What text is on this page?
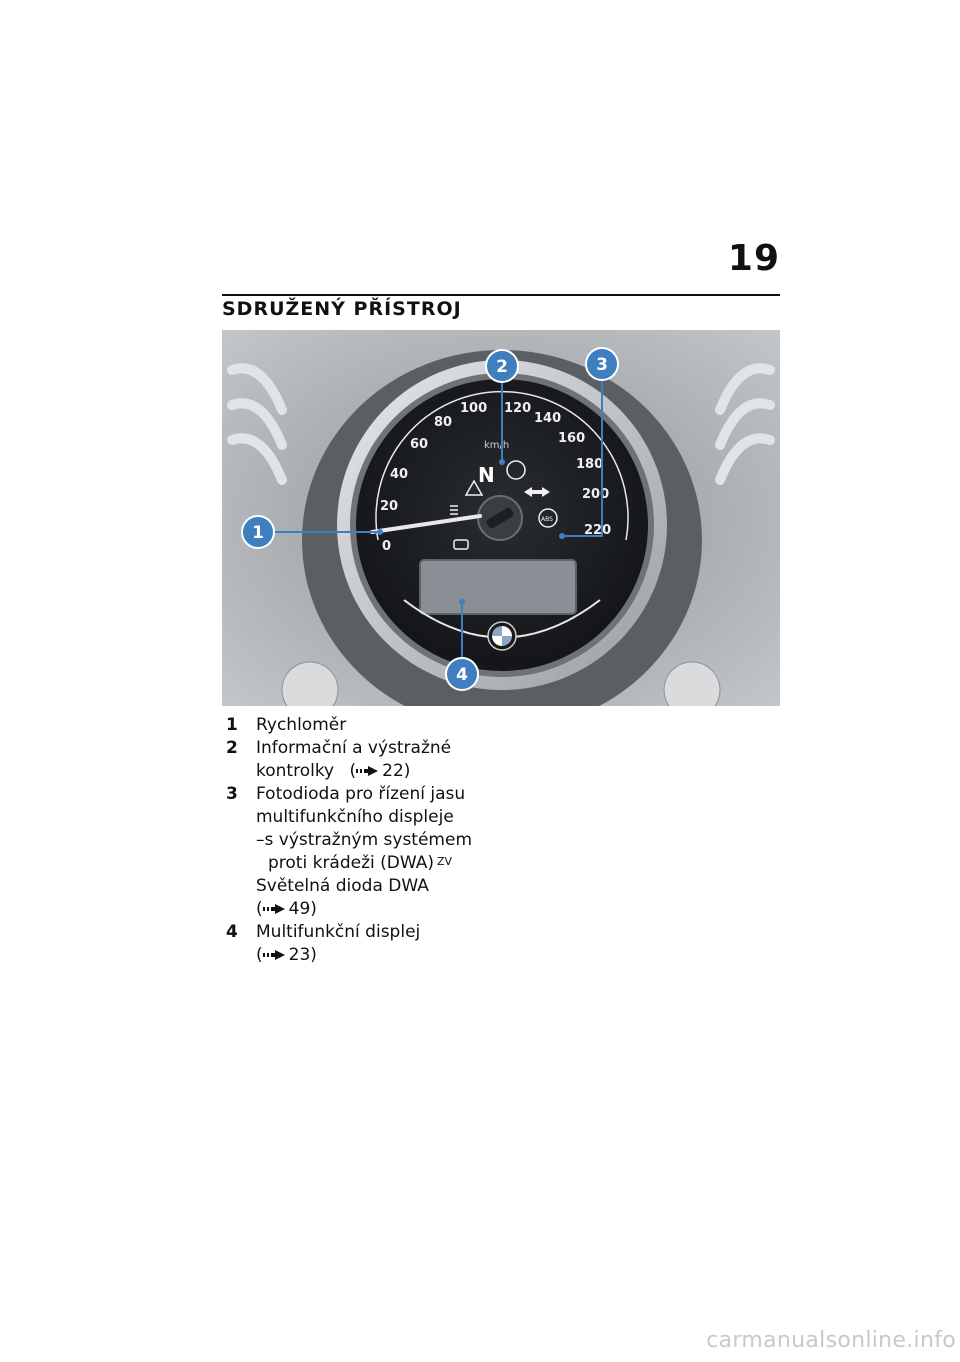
19
SDRUŽENÝ PŘÍSTROJ
0
20
40
60
80
100 120
140
160
180
200
220
km/h
N
ABS
1
2	3
4
1 Rychloměr
2 Informační a výstražné
kontrolky ( 22)
3 Fotodioda pro řízení jasu
multifunkčního displeje
–s výstražným systémem
proti krádeži (DWA) $^{ZV}$
Světelná dioda DWA
( 49)
4 Multifunkční displej
( 23)
carmanualsonline.info
